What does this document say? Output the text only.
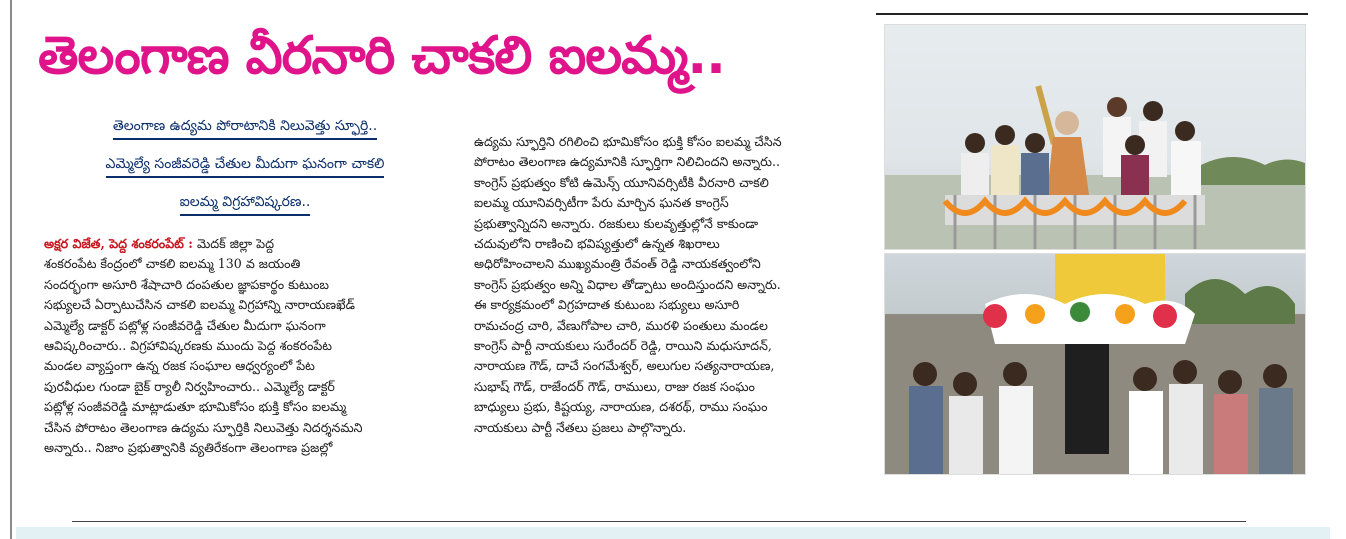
తెలంగాణ వీరనారి చాకలి ఐలమ్మ..
తెలంగాణ ఉద్యమ పోరాటానికి నిలువెత్తు స్ఫూర్తి..
ఎమ్మెల్యే సంజీవరెడ్డి చేతుల మీదుగా ఘనంగా చాకలి
ఐలమ్మ విగ్రహావిష్కరణ..
అక్షర విజేత, పెద్ద శంకరంపేట్ : మెదక్ జిల్లా పెద్ద
శంకరంపేట కేంద్రంలో చాకలి ఐలమ్మ 130 వ జయంతి
సందర్భంగా అసూరి శేషాచారి దంపతుల జ్ఞాపకార్థం కుటుంబ
సభ్యులచే ఏర్పాటుచేసిన చాకలి ఐలమ్మ విగ్రహాన్ని నారాయణఖేడ్
ఎమ్మెల్యే డాక్టర్ పట్లోళ్ల సంజీవరెడ్డి చేతుల మీదుగా ఘనంగా
ఆవిష్కరించారు.. విగ్రహావిష్కరణకు ముందు పెద్ద శంకరంపేట
మండల వ్యాప్తంగా ఉన్న రజక సంఘాల ఆధ్వర్యంలో పేట
పురవీధుల గుండా బైక్ ర్యాలీ నిర్వహించారు.. ఎమ్మెల్యే డాక్టర్
పట్లోళ్ల సంజీవరెడ్డి మాట్లాడుతూ భూమికోసం భుక్తి కోసం ఐలమ్మ
చేసిన పోరాటం తెలంగాణ ఉద్యమ స్ఫూర్తికి నిలువెత్తు నిదర్శనమని
అన్నారు.. నిజాం ప్రభుత్వానికి వ్యతిరేకంగా తెలంగాణ ప్రజల్లో
ఉద్యమ స్ఫూర్తిని రగిలించి భూమికోసం భుక్తి కోసం ఐలమ్మ చేసిన
పోరాటం తెలంగాణ ఉద్యమానికి స్ఫూర్తిగా నిలిచిందని అన్నారు..
కాంగ్రెస్ ప్రభుత్వం కోటి ఉమెన్స్ యూనివర్సిటీకి వీరనారి చాకలి
ఐలమ్మ యూనివర్సిటీగా పేరు మార్చిన ఘనత కాంగ్రెస్
ప్రభుత్వాన్నిదని అన్నారు. రజకులు కులవృత్తుల్లోనే కాకుండా
చదువులోని రాణించి భవిష్యత్తులో ఉన్నత శిఖరాలు
అధిరోహించాలని ముఖ్యమంత్రి రేవంత్ రెడ్డి నాయకత్వంలోని
కాంగ్రెస్ ప్రభుత్వం అన్ని విధాల తోడ్పాటు అందిస్తుందని అన్నారు.
ఈ కార్యక్రమంలో విగ్రహదాత కుటుంబ సభ్యులు అసూరి
రామచంద్ర చారి, వేణుగోపాల చారి, మురళి పంతులు మండల
కాంగ్రెస్ పార్టీ నాయకులు సురేందర్ రెడ్డి, రాయిని మధుసూదన్,
నారాయణ గౌడ్, దాచే సంగమేశ్వర్, అలుగుల సత్యనారాయణ,
సుభాష్ గౌడ్, రాజేందర్ గౌడ్, రాములు, రాజు రజక సంఘం
బాధ్యులు ప్రభు, కిష్టయ్య, నారాయణ, దశరథ్, రాము సంఘం
నాయకులు పార్టీ నేతలు ప్రజలు పాల్గొన్నారు.
